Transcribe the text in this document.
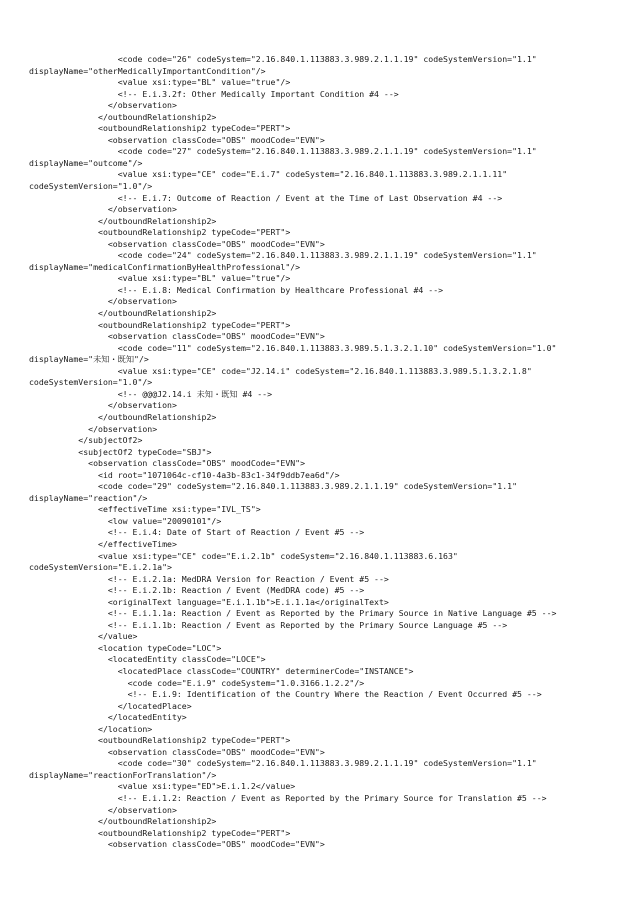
<code code="26" codeSystem="2.16.840.1.113883.3.989.2.1.1.19" codeSystemVersion="1.1"
displayName="otherMedicallyImportantCondition"/>
<value xsi:type="BL" value="true"/>
<!-- E.i.3.2f: Other Medically Important Condition #4 -->
</observation>
</outboundRelationship2>
<outboundRelationship2 typeCode="PERT">
<observation classCode="OBS" moodCode="EVN">
<code code="27" codeSystem="2.16.840.1.113883.3.989.2.1.1.19" codeSystemVersion="1.1"
displayName="outcome"/>
<value xsi:type="CE" code="E.i.7" codeSystem="2.16.840.1.113883.3.989.2.1.1.11"
codeSystemVersion="1.0"/>
<!-- E.i.7: Outcome of Reaction / Event at the Time of Last Observation #4 -->
</observation>
</outboundRelationship2>
<outboundRelationship2 typeCode="PERT">
<observation classCode="OBS" moodCode="EVN">
<code code="24" codeSystem="2.16.840.1.113883.3.989.2.1.1.19" codeSystemVersion="1.1"
displayName="medicalConfirmationByHealthProfessional"/>
<value xsi:type="BL" value="true"/>
<!-- E.i.8: Medical Confirmation by Healthcare Professional #4 -->
</observation>
</outboundRelationship2>
<outboundRelationship2 typeCode="PERT">
<observation classCode="OBS" moodCode="EVN">
<code code="11" codeSystem="2.16.840.1.113883.3.989.5.1.3.2.1.10" codeSystemVersion="1.0"
displayName="未知・既知"/>
<value xsi:type="CE" code="J2.14.i" codeSystem="2.16.840.1.113883.3.989.5.1.3.2.1.8"
codeSystemVersion="1.0"/>
<!-- @@@J2.14.i 未知・既知 #4 -->
</observation>
</outboundRelationship2>
</observation>
</subjectOf2>
<subjectOf2 typeCode="SBJ">
<observation classCode="OBS" moodCode="EVN">
<id root="1071064c-cf10-4a3b-83c1-34f9ddb7ea6d"/>
<code code="29" codeSystem="2.16.840.1.113883.3.989.2.1.1.19" codeSystemVersion="1.1"
displayName="reaction"/>
<effectiveTime xsi:type="IVL_TS">
<low value="20090101"/>
<!-- E.i.4: Date of Start of Reaction / Event #5 -->
</effectiveTime>
<value xsi:type="CE" code="E.i.2.1b" codeSystem="2.16.840.1.113883.6.163"
codeSystemVersion="E.i.2.1a">
<!-- E.i.2.1a: MedDRA Version for Reaction / Event #5 -->
<!-- E.i.2.1b: Reaction / Event (MedDRA code) #5 -->
<originalText language="E.i.1.1b">E.i.1.1a</originalText>
<!-- E.i.1.1a: Reaction / Event as Reported by the Primary Source in Native Language #5 -->
<!-- E.i.1.1b: Reaction / Event as Reported by the Primary Source Language #5 -->
</value>
<location typeCode="LOC">
<locatedEntity classCode="LOCE">
<locatedPlace classCode="COUNTRY" determinerCode="INSTANCE">
<code code="E.i.9" codeSystem="1.0.3166.1.2.2"/>
<!-- E.i.9: Identification of the Country Where the Reaction / Event Occurred #5 -->
</locatedPlace>
</locatedEntity>
</location>
<outboundRelationship2 typeCode="PERT">
<observation classCode="OBS" moodCode="EVN">
<code code="30" codeSystem="2.16.840.1.113883.3.989.2.1.1.19" codeSystemVersion="1.1"
displayName="reactionForTranslation"/>
<value xsi:type="ED">E.i.1.2</value>
<!-- E.i.1.2: Reaction / Event as Reported by the Primary Source for Translation #5 -->
</observation>
</outboundRelationship2>
<outboundRelationship2 typeCode="PERT">
<observation classCode="OBS" moodCode="EVN">
